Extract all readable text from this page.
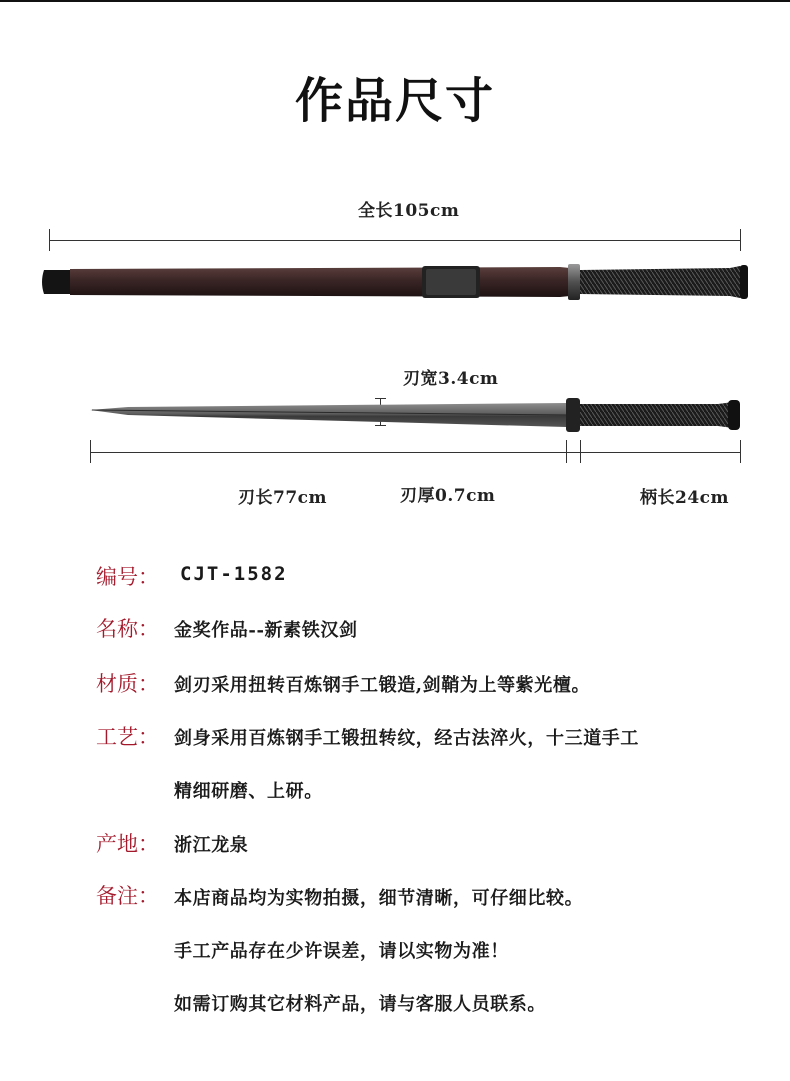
作品尺寸
全长105cm
刃宽3.4cm
刃长77cm	刃厚0.7cm	柄长24cm
编号： CJT-1582
名称： 金奖作品--新素铁汉剑
材质： 剑刃采用扭转百炼钢手工锻造,剑鞘为上等紫光檀。
工艺： 剑身采用百炼钢手工锻扭转纹，经古法淬火，十三道手工
精细研磨、上研。
产地： 浙江龙泉
备注： 本店商品均为实物拍摄，细节清晰，可仔细比较。
手工产品存在少许误差，请以实物为准！
如需订购其它材料产品，请与客服人员联系。
